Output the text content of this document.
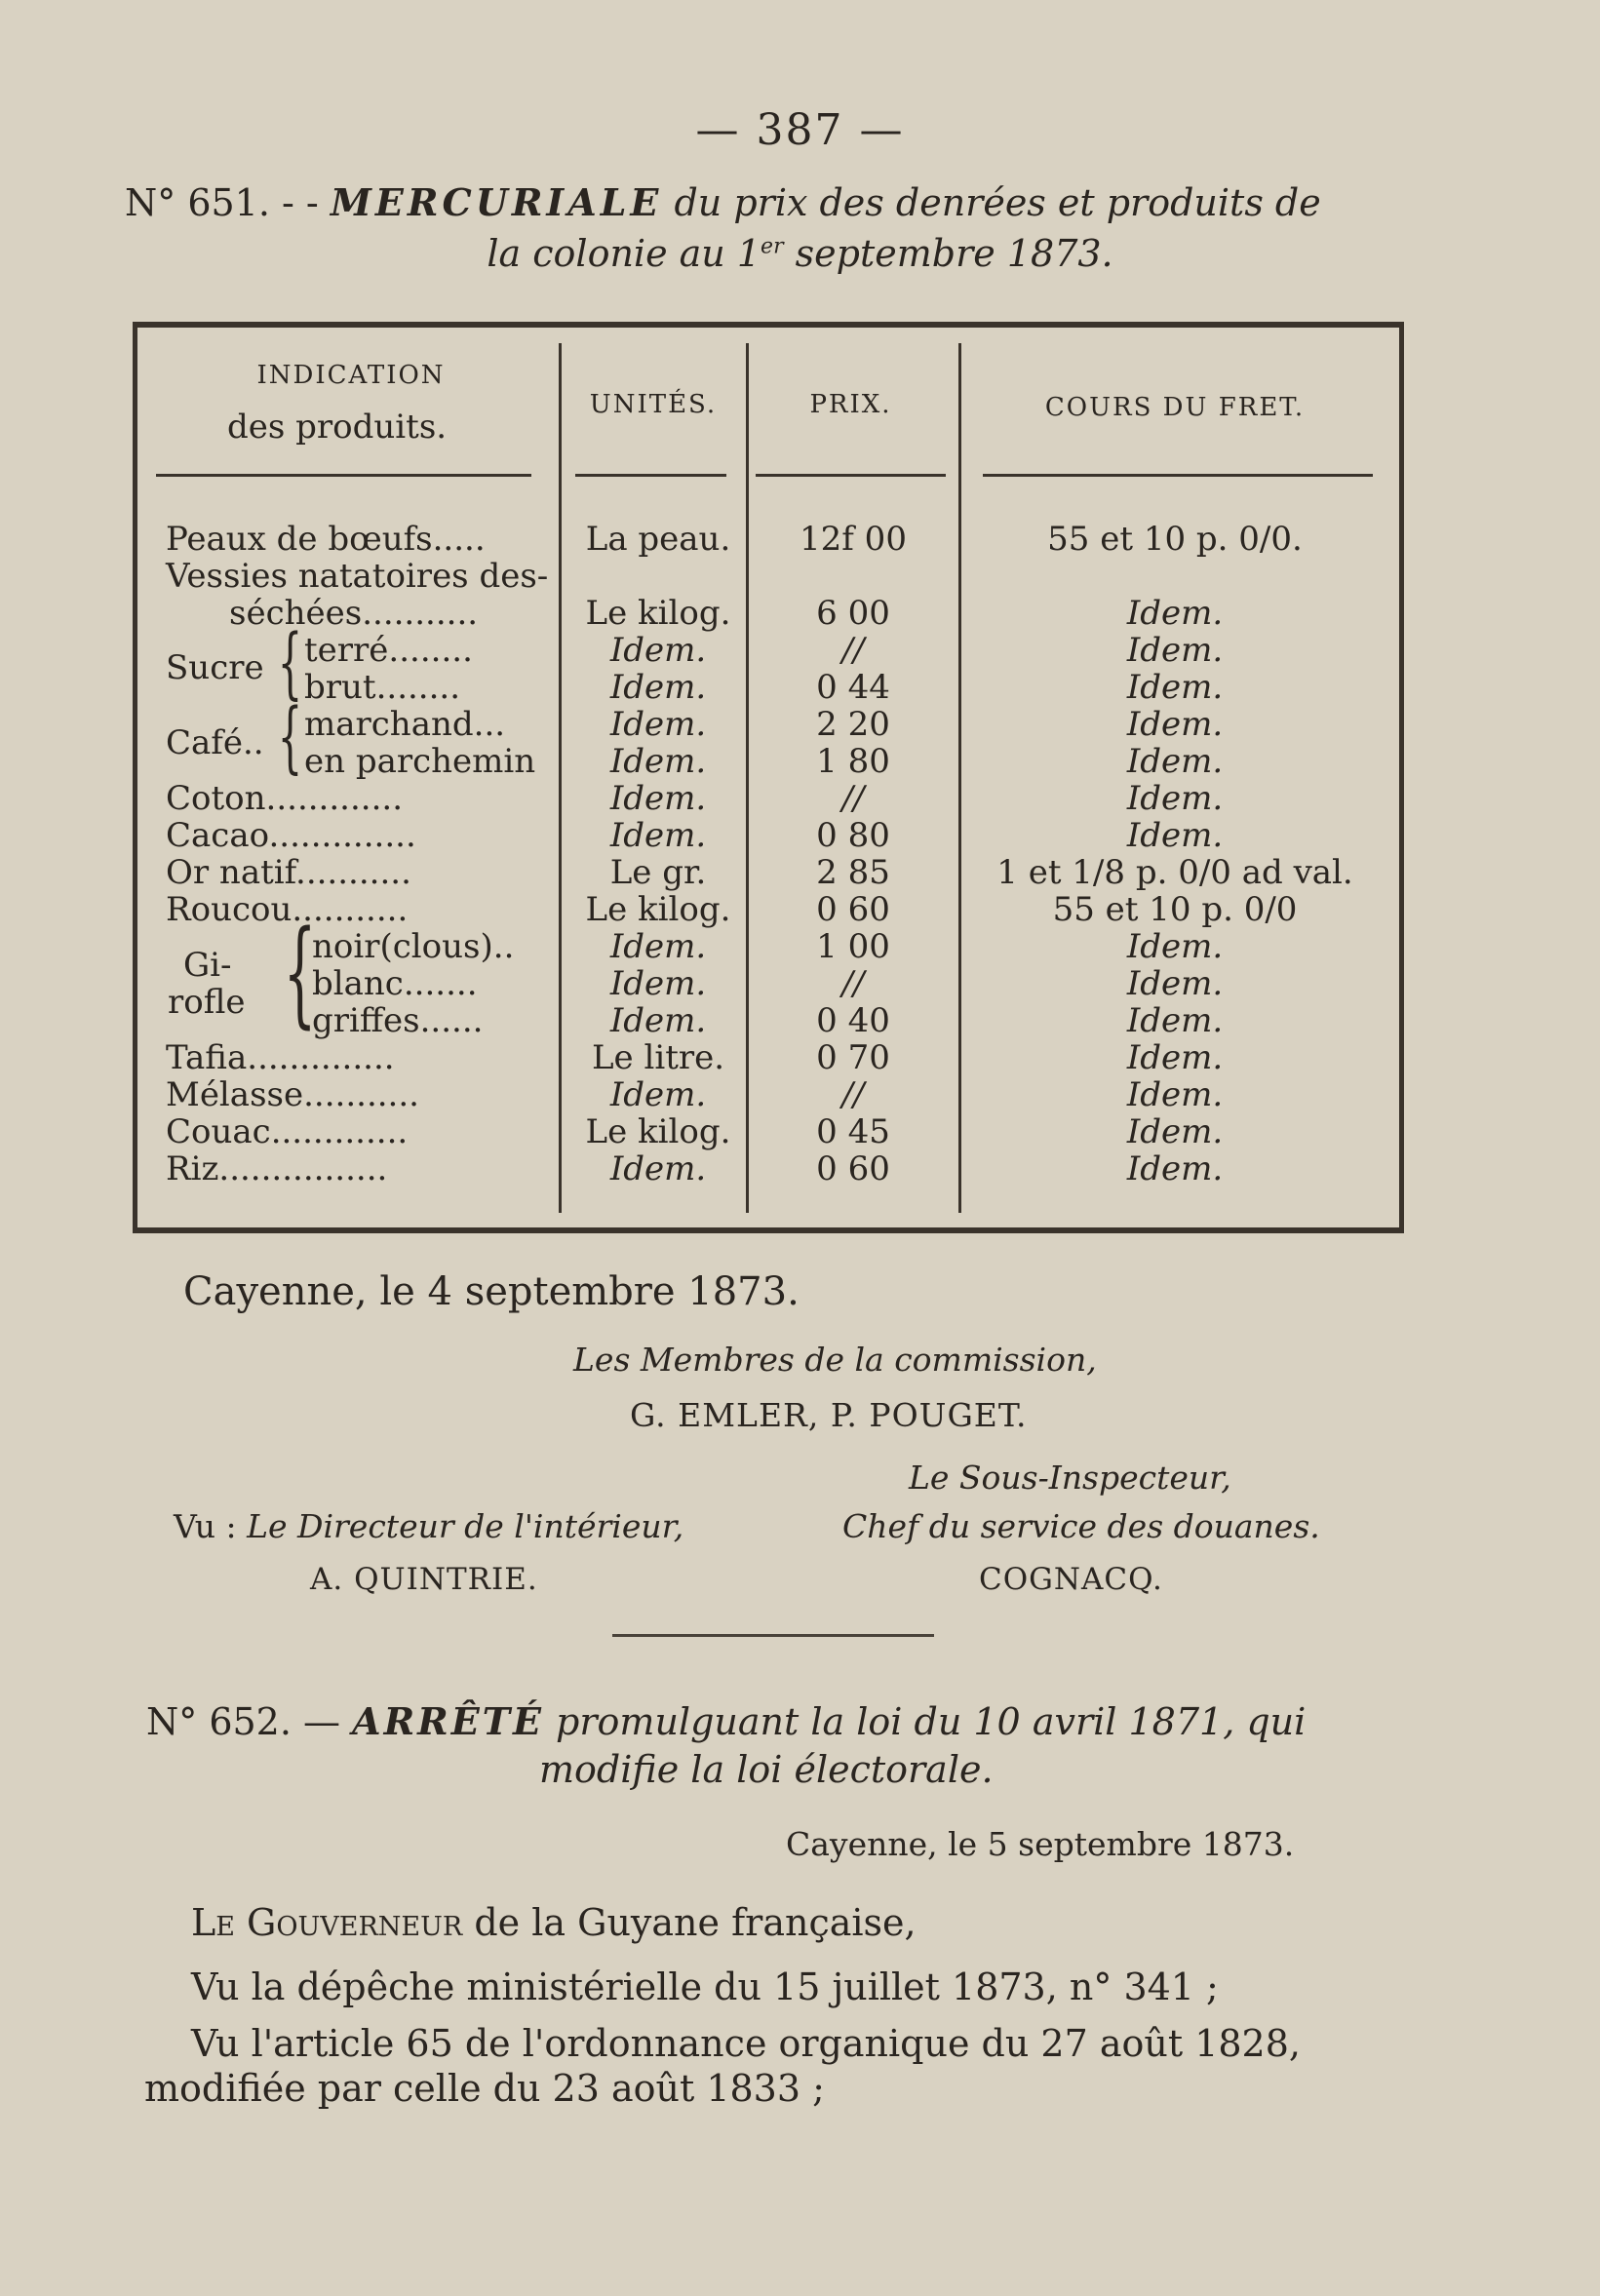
— 387 —
N° 651. - - MERCURIALE du prix des denrées et produits de
la colonie au 1er septembre 1873.
INDICATION
des produits.
UNITÉS.	PRIX.	COURS DU FRET.
Peaux de bœufs.....	La peau.	12f 00	55 et 10 p. 0/0.
Vessies natatoires des-
séchées...........	Le kilog.	6 00	Idem.
Sucre { terré........	Idem.	//	Idem.
brut........	Idem.	0 44	Idem.
Café.. { marchand...	Idem.	2 20	Idem.
en parchemin	Idem.	1 80	Idem.
Coton.............	Idem.	//	Idem.
Cacao..............	Idem.	0 80	Idem.
Or natif...........	Le gr.	2 85	1 et 1/8 p. 0/0 ad val.
Roucou...........	Le kilog.	0 60	55 et 10 p. 0/0
Gi-
rofle {
noir(clous)..	Idem.	1 00	Idem.
blanc.......	Idem.	//	Idem.
griffes......	Idem.	0 40	Idem.
Tafia..............	Le litre.	0 70	Idem.
Mélasse...........	Idem.	//	Idem.
Couac.............	Le kilog.	0 45	Idem.
Riz................	Idem.	0 60	Idem.
Cayenne, le 4 septembre 1873.
Les Membres de la commission,
G. EMLER, P. POUGET.
Le Sous-Inspecteur,
Vu : Le Directeur de l'intérieur,	Chef du service des douanes.
A. QUINTRIE.	COGNACQ.
N° 652. — ARRÊTÉ promulguant la loi du 10 avril 1871, qui
modifie la loi électorale.
Cayenne, le 5 septembre 1873.
Le Gouverneur de la Guyane française,
Vu la dépêche ministérielle du 15 juillet 1873, n° 341 ;
Vu l'article 65 de l'ordonnance organique du 27 août 1828,
modifiée par celle du 23 août 1833 ;
